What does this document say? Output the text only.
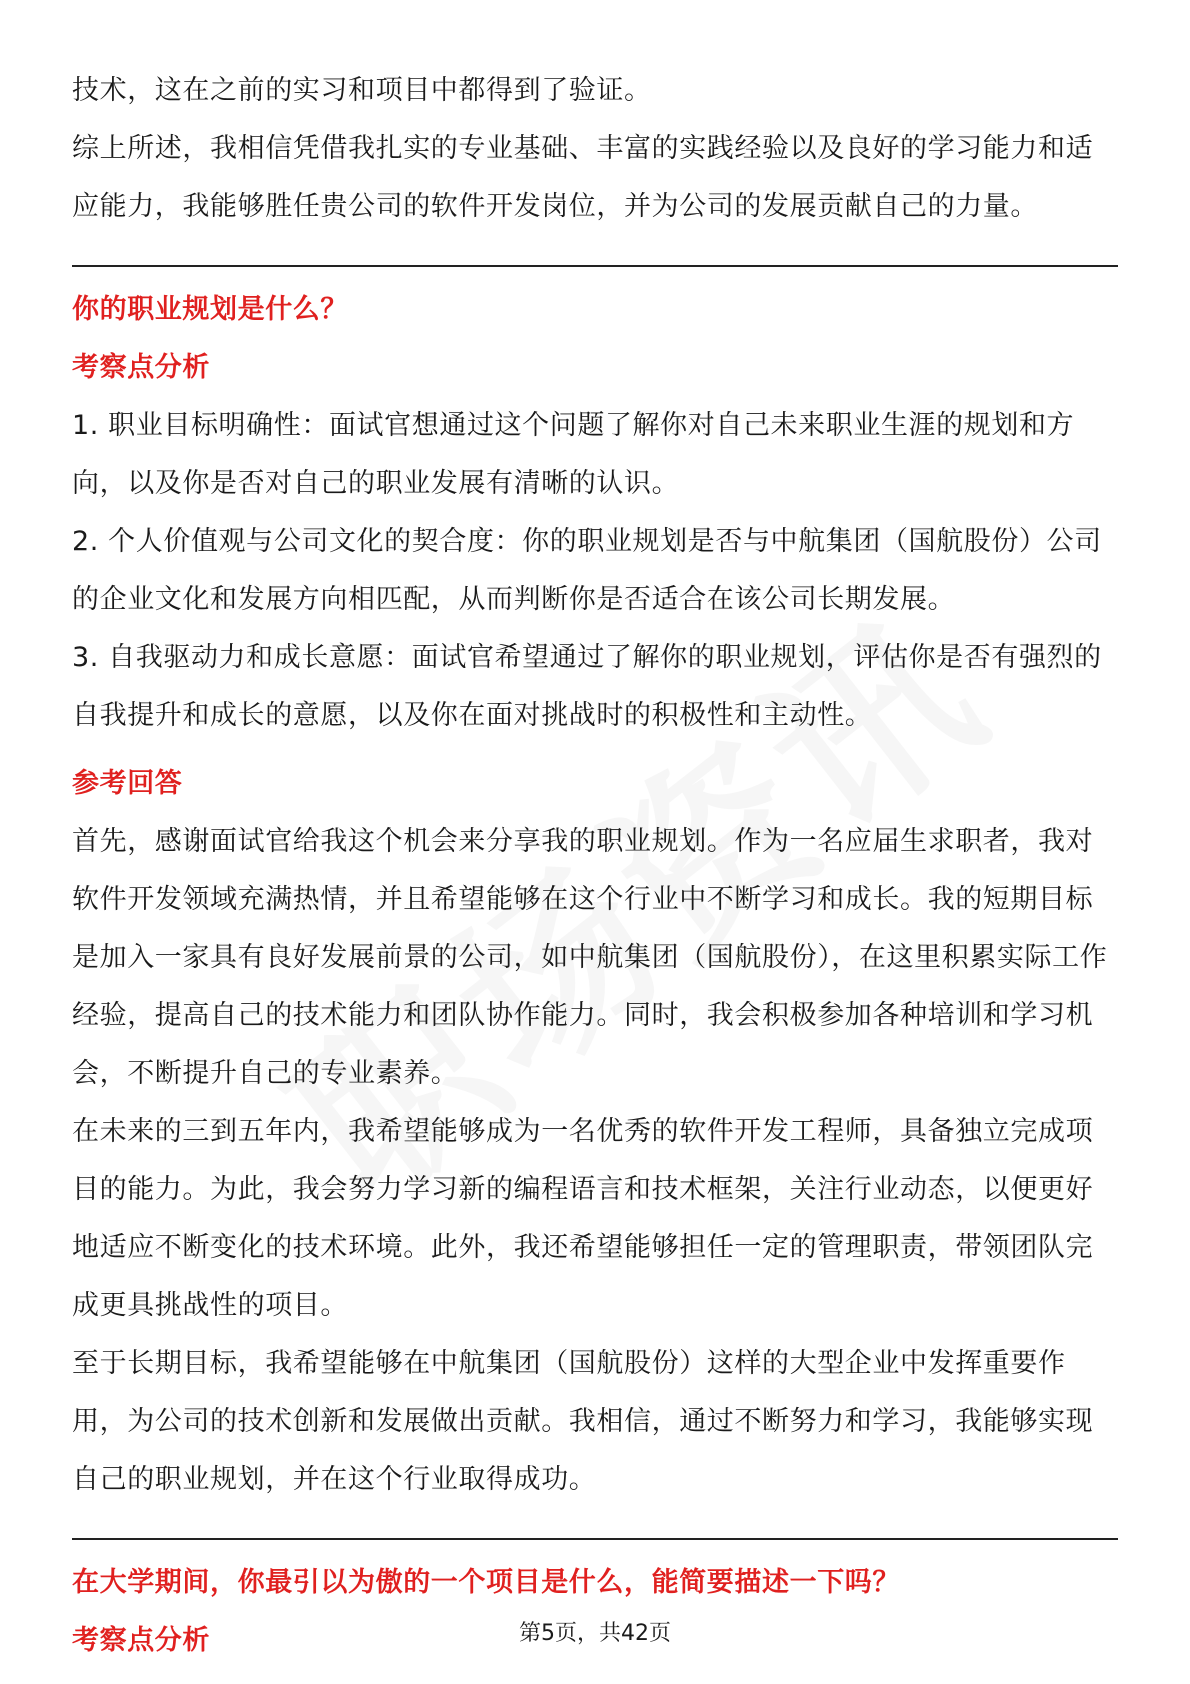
技术，这在之前的实习和项目中都得到了验证。

综上所述，我相信凭借我扎实的专业基础、丰富的实践经验以及良好的学习能力和适应能力，我能够胜任贵公司的软件开发岗位，并为公司的发展贡献自己的力量。

你的职业规划是什么？
考察点分析

1. 职业目标明确性：面试官想通过这个问题了解你对自己未来职业生涯的规划和方向，以及你是否对自己的职业发展有清晰的认识。

2. 个人价值观与公司文化的契合度：你的职业规划是否与中航集团（国航股份）公司的企业文化和发展方向相匹配，从而判断你是否适合在该公司长期发展。

3. 自我驱动力和成长意愿：面试官希望通过了解你的职业规划，评估你是否有强烈的自我提升和成长的意愿，以及你在面对挑战时的积极性和主动性。

参考回答

首先，感谢面试官给我这个机会来分享我的职业规划。作为一名应届生求职者，我对软件开发领域充满热情，并且希望能够在这个行业中不断学习和成长。我的短期目标是加入一家具有良好发展前景的公司，如中航集团（国航股份），在这里积累实际工作经验，提高自己的技术能力和团队协作能力。同时，我会积极参加各种培训和学习机会，不断提升自己的专业素养。

在未来的三到五年内，我希望能够成为一名优秀的软件开发工程师，具备独立完成项目的能力。为此，我会努力学习新的编程语言和技术框架，关注行业动态，以便更好地适应不断变化的技术环境。此外，我还希望能够担任一定的管理职责，带领团队完成更具挑战性的项目。

至于长期目标，我希望能够在中航集团（国航股份）这样的大型企业中发挥重要作用，为公司的技术创新和发展做出贡献。我相信，通过不断努力和学习，我能够实现自己的职业规划，并在这个行业取得成功。

在大学期间，你最引以为傲的一个项目是什么，能简要描述一下吗？
考察点分析	第5页，共42页
